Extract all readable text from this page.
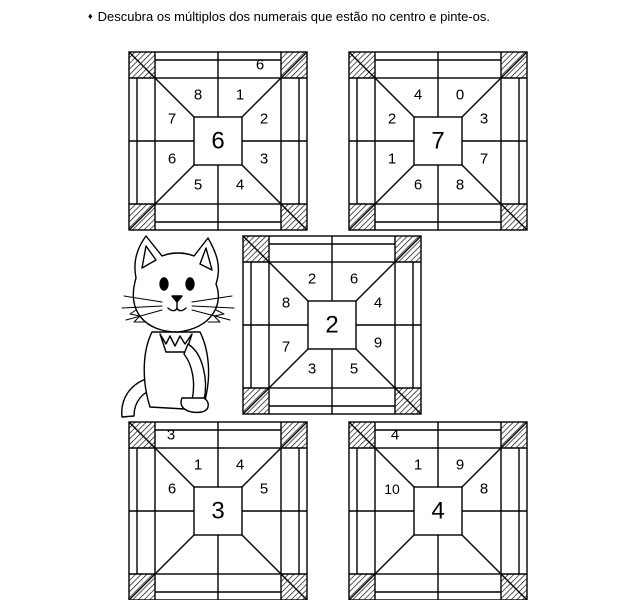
♦ Descubra os múltiplos dos numerais que estão no centro e pinte-os.
6
8 1
7
6
2
3
5 4
6
4 0
2
1
3
7
6 8
7
2 6
8
7
4
9
3 5
2
3
1 4
6	5
3
4
1 9
10	8
4
